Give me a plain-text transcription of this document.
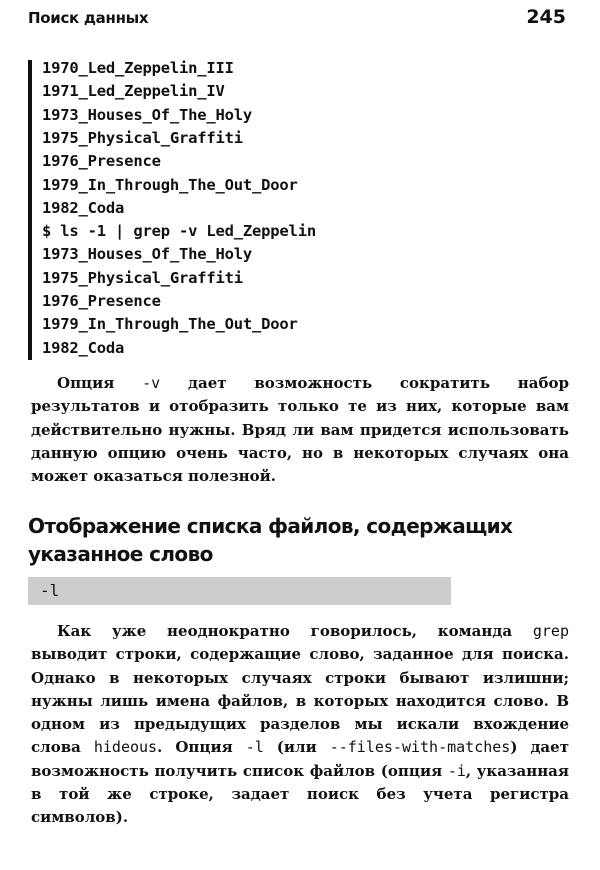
Поиск данных	245
1970_Led_Zeppelin_III
1971_Led_Zeppelin_IV
1973_Houses_Of_The_Holy
1975_Physical_Graffiti
1976_Presence
1979_In_Through_The_Out_Door
1982_Coda
$ ls -1 | grep -v Led_Zeppelin
1973_Houses_Of_The_Holy
1975_Physical_Graffiti
1976_Presence
1979_In_Through_The_Out_Door
1982_Coda

Опция -v дает возможность сократить набор результатов и отобразить только те из них, которые вам действительно нужны. Вряд ли вам придется использовать данную опцию очень часто, но в некоторых случаях она может оказаться полезной.

Отображение списка файлов, содержащих указанное слово
-l

Как уже неоднократно говорилось, команда grep выводит строки, содержащие слово, заданное для поиска. Однако в некоторых случаях строки бывают излишни; нужны лишь имена файлов, в которых находится слово. В одном из предыдущих разделов мы искали вхождение слова hideous. Опция -l (или --files-with-matches) дает возможность получить список файлов (опция -i, указанная в той же строке, задает поиск без учета регистра символов).
